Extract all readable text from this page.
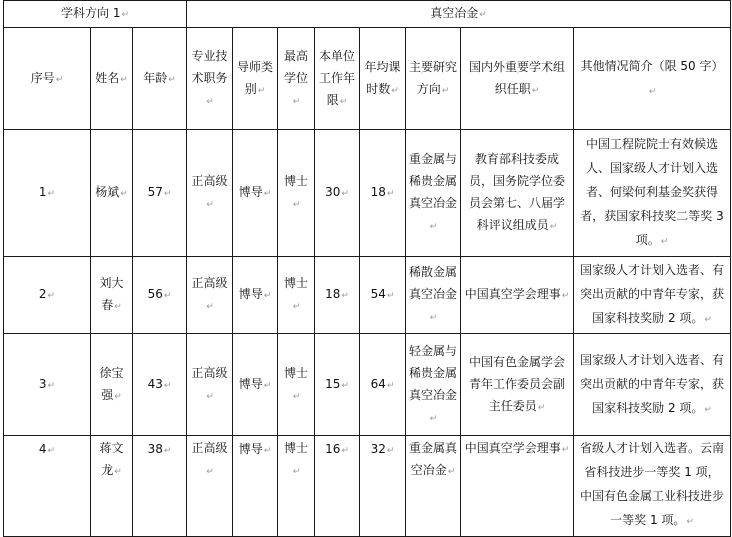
学科方向 1↵			真空冶金↵							
序号↵	姓名↵	年龄↵	专业技术职务↵	导师类别↵	最高学位↵	本单位工作年限↵	年均课时数↵	主要研究方向↵	国内外重要学术组织任职↵	其他情况简介（限 50 字）↵
1↵	杨斌↵	57↵	正高级↵	博导↵	博士↵	30↵	18↵	重金属与稀贵金属真空冶金↵	教育部科技委成员，国务院学位委员会第七、八届学科评议组成员↵	中国工程院院士有效候选人、国家级人才计划入选者、何梁何利基金奖获得者，获国家科技奖二等奖 3 项。↵
2↵	刘大春↵	56↵	正高级↵	博导↵	博士↵	18↵	54↵	稀散金属真空冶金↵	中国真空学会理事↵	国家级人才计划入选者、有突出贡献的中青年专家，获国家科技奖励 2 项。↵
3↵	徐宝强↵	43↵	正高级↵	博导↵	博士↵	15↵	64↵	轻金属与稀贵金属真空冶金↵	中国有色金属学会青年工作委员会副主任委员↵	国家级人才计划入选者、有突出贡献的中青年专家，获国家科技奖励 2 项。↵
4↵	蒋文龙↵	38↵	正高级↵	博导↵	博士↵	16↵	32↵	重金属真空冶金↵	中国真空学会理事↵	省级人才计划入选者。云南省科技进步一等奖 1 项，中国有色金属工业科技进步一等奖 1 项。↵
